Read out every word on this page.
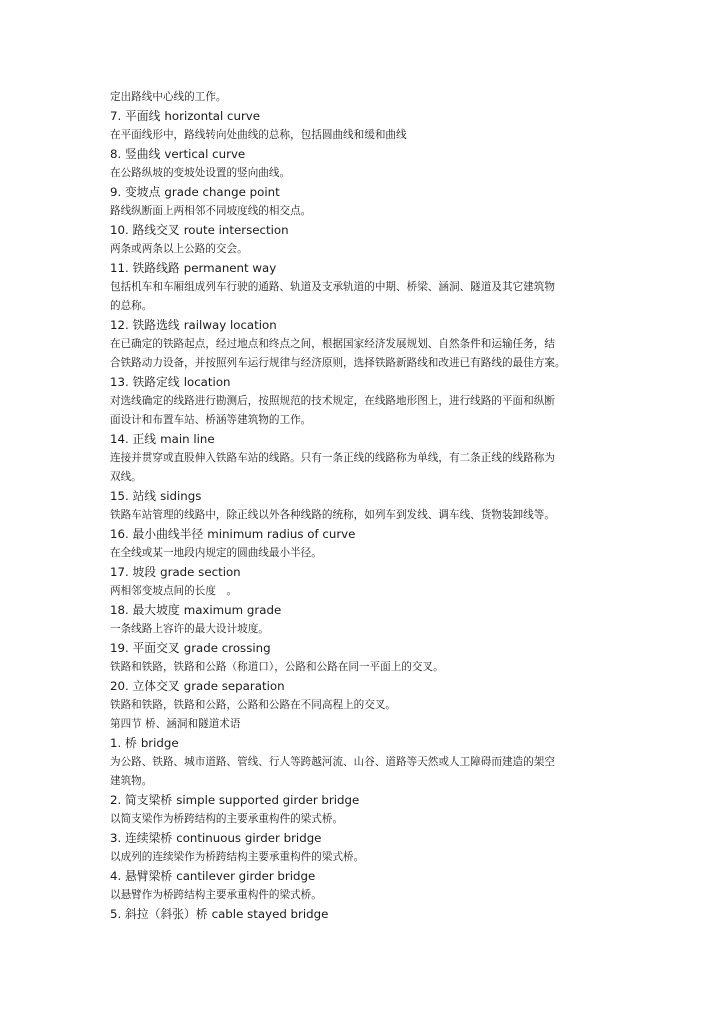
定出路线中心线的工作。
7. 平面线 horizontal curve
在平面线形中，路线转向处曲线的总称，包括圆曲线和缓和曲线
8. 竖曲线 vertical curve
在公路纵坡的变坡处设置的竖向曲线。
9. 变坡点 grade change point
路线纵断面上两相邻不同坡度线的相交点。
10. 路线交叉 route intersection
两条或两条以上公路的交会。
11. 铁路线路 permanent way
包括机车和车厢组成列车行驶的通路、轨道及支承轨道的中期、桥梁、涵洞、隧道及其它建筑物
的总称。
12. 铁路选线 railway location
在已确定的铁路起点，经过地点和终点之间，根据国家经济发展规划、自然条件和运输任务，结
合铁路动力设备，并按照列车运行规律与经济原则，选择铁路新路线和改进已有路线的最佳方案。
13. 铁路定线 location
对选线确定的线路进行勘测后，按照规范的技术规定，在线路地形图上，进行线路的平面和纵断
面设计和布置车站、桥涵等建筑物的工作。
14. 正线 main line
连接并贯穿或直股伸入铁路车站的线路。只有一条正线的线路称为单线，有二条正线的线路称为
双线。
15. 站线 sidings
铁路车站管理的线路中，除正线以外各种线路的统称，如列车到发线、调车线、货物装卸线等。
16. 最小曲线半径 minimum radius of curve
在全线或某一地段内规定的圆曲线最小半径。
17. 坡段 grade section
两相邻变坡点间的长度　。
18. 最大坡度 maximum grade
一条线路上容许的最大设计坡度。
19. 平面交叉 grade crossing
铁路和铁路，铁路和公路（称道口），公路和公路在同一平面上的交叉。
20. 立体交叉 grade separation
铁路和铁路，铁路和公路，公路和公路在不同高程上的交叉。
第四节 桥、涵洞和隧道术语
1. 桥 bridge
为公路、铁路、城市道路、管线、行人等跨越河流、山谷、道路等天然或人工障碍而建造的架空
建筑物。
2. 简支梁桥 simple supported girder bridge
以简支梁作为桥跨结构的主要承重构件的梁式桥。
3. 连续梁桥 continuous girder bridge
以成列的连续梁作为桥跨结构主要承重构件的梁式桥。
4. 悬臂梁桥 cantilever girder bridge
以悬臂作为桥跨结构主要承重构件的梁式桥。
5. 斜拉（斜张）桥 cable stayed bridge
